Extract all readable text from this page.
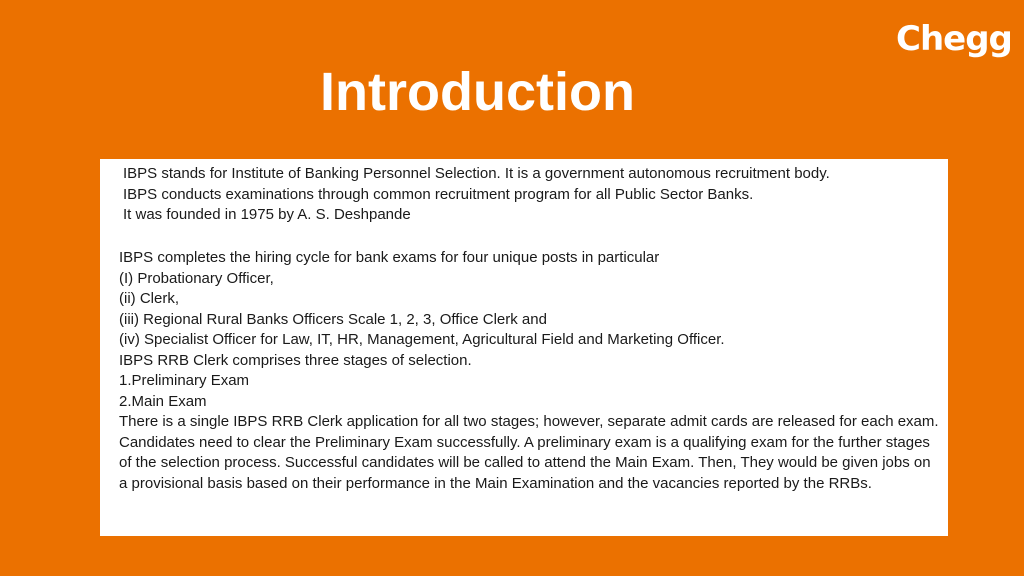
Chegg
Introduction
IBPS stands for Institute of Banking Personnel Selection. It is a government autonomous recruitment body.
IBPS conducts examinations through common recruitment program for all Public Sector Banks.
It was founded in 1975 by A. S. Deshpande
IBPS completes the hiring cycle for bank exams for four unique posts in particular
(I) Probationary Officer,
(ii) Clerk,
(iii) Regional Rural Banks Officers Scale 1, 2, 3, Office Clerk and
(iv) Specialist Officer for Law, IT, HR, Management, Agricultural Field and Marketing Officer.
IBPS RRB Clerk comprises three stages of selection.
1.Preliminary Exam
2.Main Exam
There is a single IBPS RRB Clerk application for all two stages; however, separate admit cards are released for each exam.
Candidates need to clear the Preliminary Exam successfully. A preliminary exam is a qualifying exam for the further stages of the selection process. Successful candidates will be called to attend the Main Exam. Then, They would be given jobs on a provisional basis based on their performance in the Main Examination and the vacancies reported by the RRBs.
